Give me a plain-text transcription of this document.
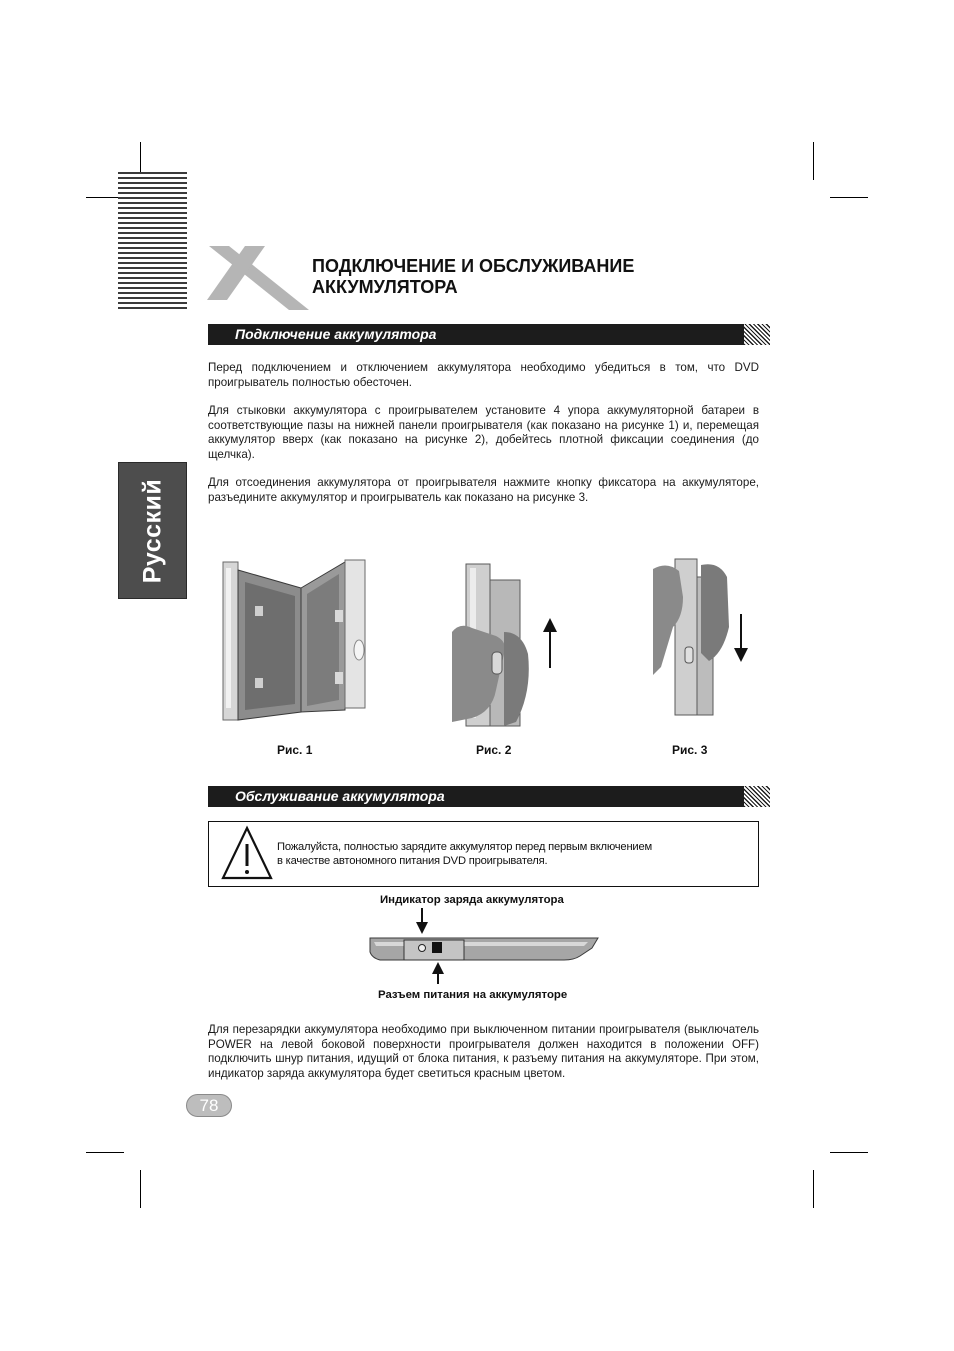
Русский
ПОДКЛЮЧЕНИЕ И ОБСЛУЖИВАНИЕ
АККУМУЛЯТОРА
Подключение аккумулятора
Перед подключением и отключением аккумулятора необходимо убедиться в том, что DVD проигрыватель полностью обесточен.
Для стыковки аккумулятора с проигрывателем установите 4 упора аккумуляторной батареи в соответствующие пазы на нижней панели проигрывателя (как показано на рисунке 1) и, перемещая аккумулятор вверх (как показано на рисунке 2), добейтесь плотной фиксации соединения (до щелчка).
Для отсоединения аккумулятора от проигрывателя нажмите кнопку фиксатора на аккумуляторе, разъедините аккумулятор и проигрыватель как показано на рисунке 3.
Рис. 1	Рис. 2	Рис. 3
Обслуживание аккумулятора
Пожалуйста, полностью зарядите аккумулятор перед первым включением
в качестве автономного питания DVD проигрывателя.
Индикатор заряда аккумулятора
Разъем питания на аккумуляторе
Для перезарядки аккумулятора необходимо при выключенном питании проигрывателя (выключатель POWER на левой боковой поверхности проигрывателя должен находится в положении OFF) подключить шнур питания, идущий от блока питания, к разъему питания на аккумуляторе. При этом, индикатор заряда аккумулятора будет светиться красным цветом.
78
